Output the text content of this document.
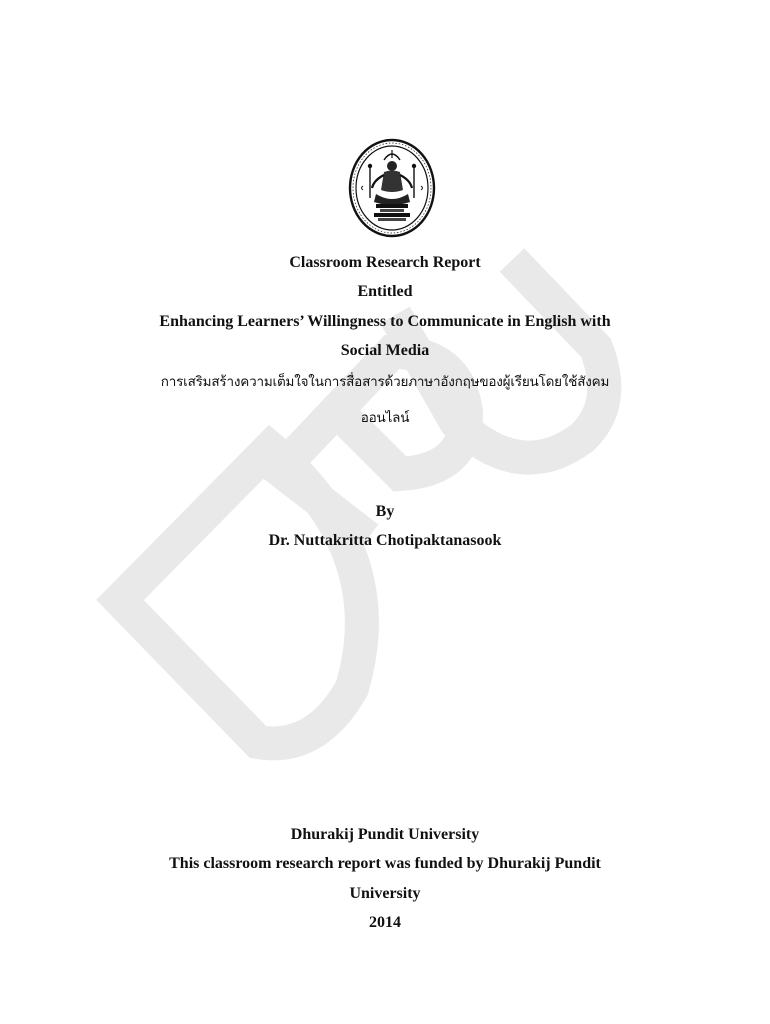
Classroom Research Report
Entitled
Enhancing Learners’ Willingness to Communicate in English with
Social Media
การเสริมสร้างความเต็มใจในการสื่อสารด้วยภาษาอังกฤษของผู้เรียนโดยใช้สังคม
ออนไลน์
By
Dr. Nuttakritta Chotipaktanasook
Dhurakij Pundit University
This classroom research report was funded by Dhurakij Pundit
University
2014
